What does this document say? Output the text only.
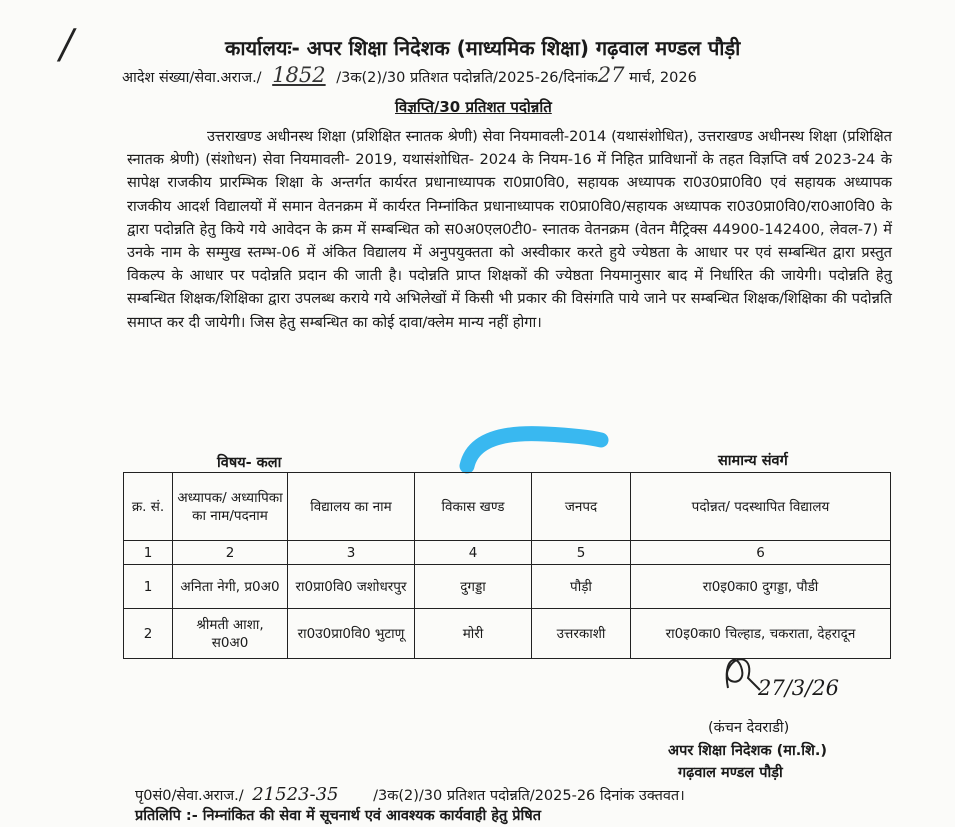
/	कार्यालयः- अपर शिक्षा निदेशक (माध्यमिक शिक्षा) गढ़वाल मण्डल पौड़ी
आदेश संख्या/सेवा.अराज./ 1852 /3क(2)/30 प्रतिशत पदोन्नति/2025-26/दिनांक27 मार्च, 2026
विज्ञप्ति/30 प्रतिशत पदोन्नति
उत्तराखण्ड अधीनस्थ शिक्षा (प्रशिक्षित स्नातक श्रेणी) सेवा नियमावली-2014 (यथासंशोधित), उत्तराखण्ड अधीनस्थ शिक्षा (प्रशिक्षित स्नातक श्रेणी) (संशोधन) सेवा नियमावली- 2019, यथासंशोधित- 2024 के नियम-16 में निहित प्राविधानों के तहत विज्ञप्ति वर्ष 2023-24 के सापेक्ष राजकीय प्रारम्भिक शिक्षा के अन्तर्गत कार्यरत प्रधानाध्यापक रा0प्रा0वि0, सहायक अध्यापक रा0उ0प्रा0वि0 एवं सहायक अध्यापक राजकीय आदर्श विद्यालयों में समान वेतनक्रम में कार्यरत निम्नांकित प्रधानाध्यापक रा0प्रा0वि0/सहायक अध्यापक रा0उ0प्रा0वि0/रा0आ0वि0 के द्वारा पदोन्नति हेतु किये गये आवेदन के क्रम में सम्बन्धित को स0अ0एल0टी0- स्नातक वेतनक्रम (वेतन मैट्रिक्स 44900-142400, लेवल-7) में उनके नाम के सम्मुख स्तम्भ-06 में अंकित विद्यालय में अनुपयुक्तता को अस्वीकार करते हुये ज्येष्ठता के आधार पर एवं सम्बन्धित द्वारा प्रस्तुत विकल्प के आधार पर पदोन्नति प्रदान की जाती है। पदोन्नति प्राप्त शिक्षकों की ज्येष्ठता नियमानुसार बाद में निर्धारित की जायेगी। पदोन्नति हेतु सम्बन्धित शिक्षक/शिक्षिका द्वारा उपलब्ध कराये गये अभिलेखों में किसी भी प्रकार की विसंगति पाये जाने पर सम्बन्धित शिक्षक/शिक्षिका की पदोन्नति समाप्त कर दी जायेगी। जिस हेतु सम्बन्धित का कोई दावा/क्लेम मान्य नहीं होगा।
विषय- कला	सामान्य संवर्ग
क्र. सं.	अध्यापक/ अध्यापिका का नाम/पदनाम	विद्यालय का नाम	विकास खण्ड	जनपद	पदोन्नत/ पदस्थापित विद्यालय
1	2	3	4	5	6
1	अनिता नेगी, प्र0अ0	रा0प्रा0वि0 जशोधरपुर	दुगड्डा	पौड़ी	रा0इ0का0 दुगड्डा, पौडी
2	श्रीमती आशा, स0अ0	रा0उ0प्रा0वि0 भुटाणू	मोरी	उत्तरकाशी	रा0इ0का0 चिल्हाड, चकराता, देहरादून
27/3/26
(कंचन देवराडी)
अपर शिक्षा निदेशक (मा.शि.)
गढ़वाल मण्डल पौड़ी
पृ0सं0/सेवा.अराज./ 21523-35 /3क(2)/30 प्रतिशत पदोन्नति/2025-26 दिनांक उक्तवत।
प्रतिलिपि :- निम्नांकित की सेवा में सूचनार्थ एवं आवश्यक कार्यवाही हेतु प्रेषित
